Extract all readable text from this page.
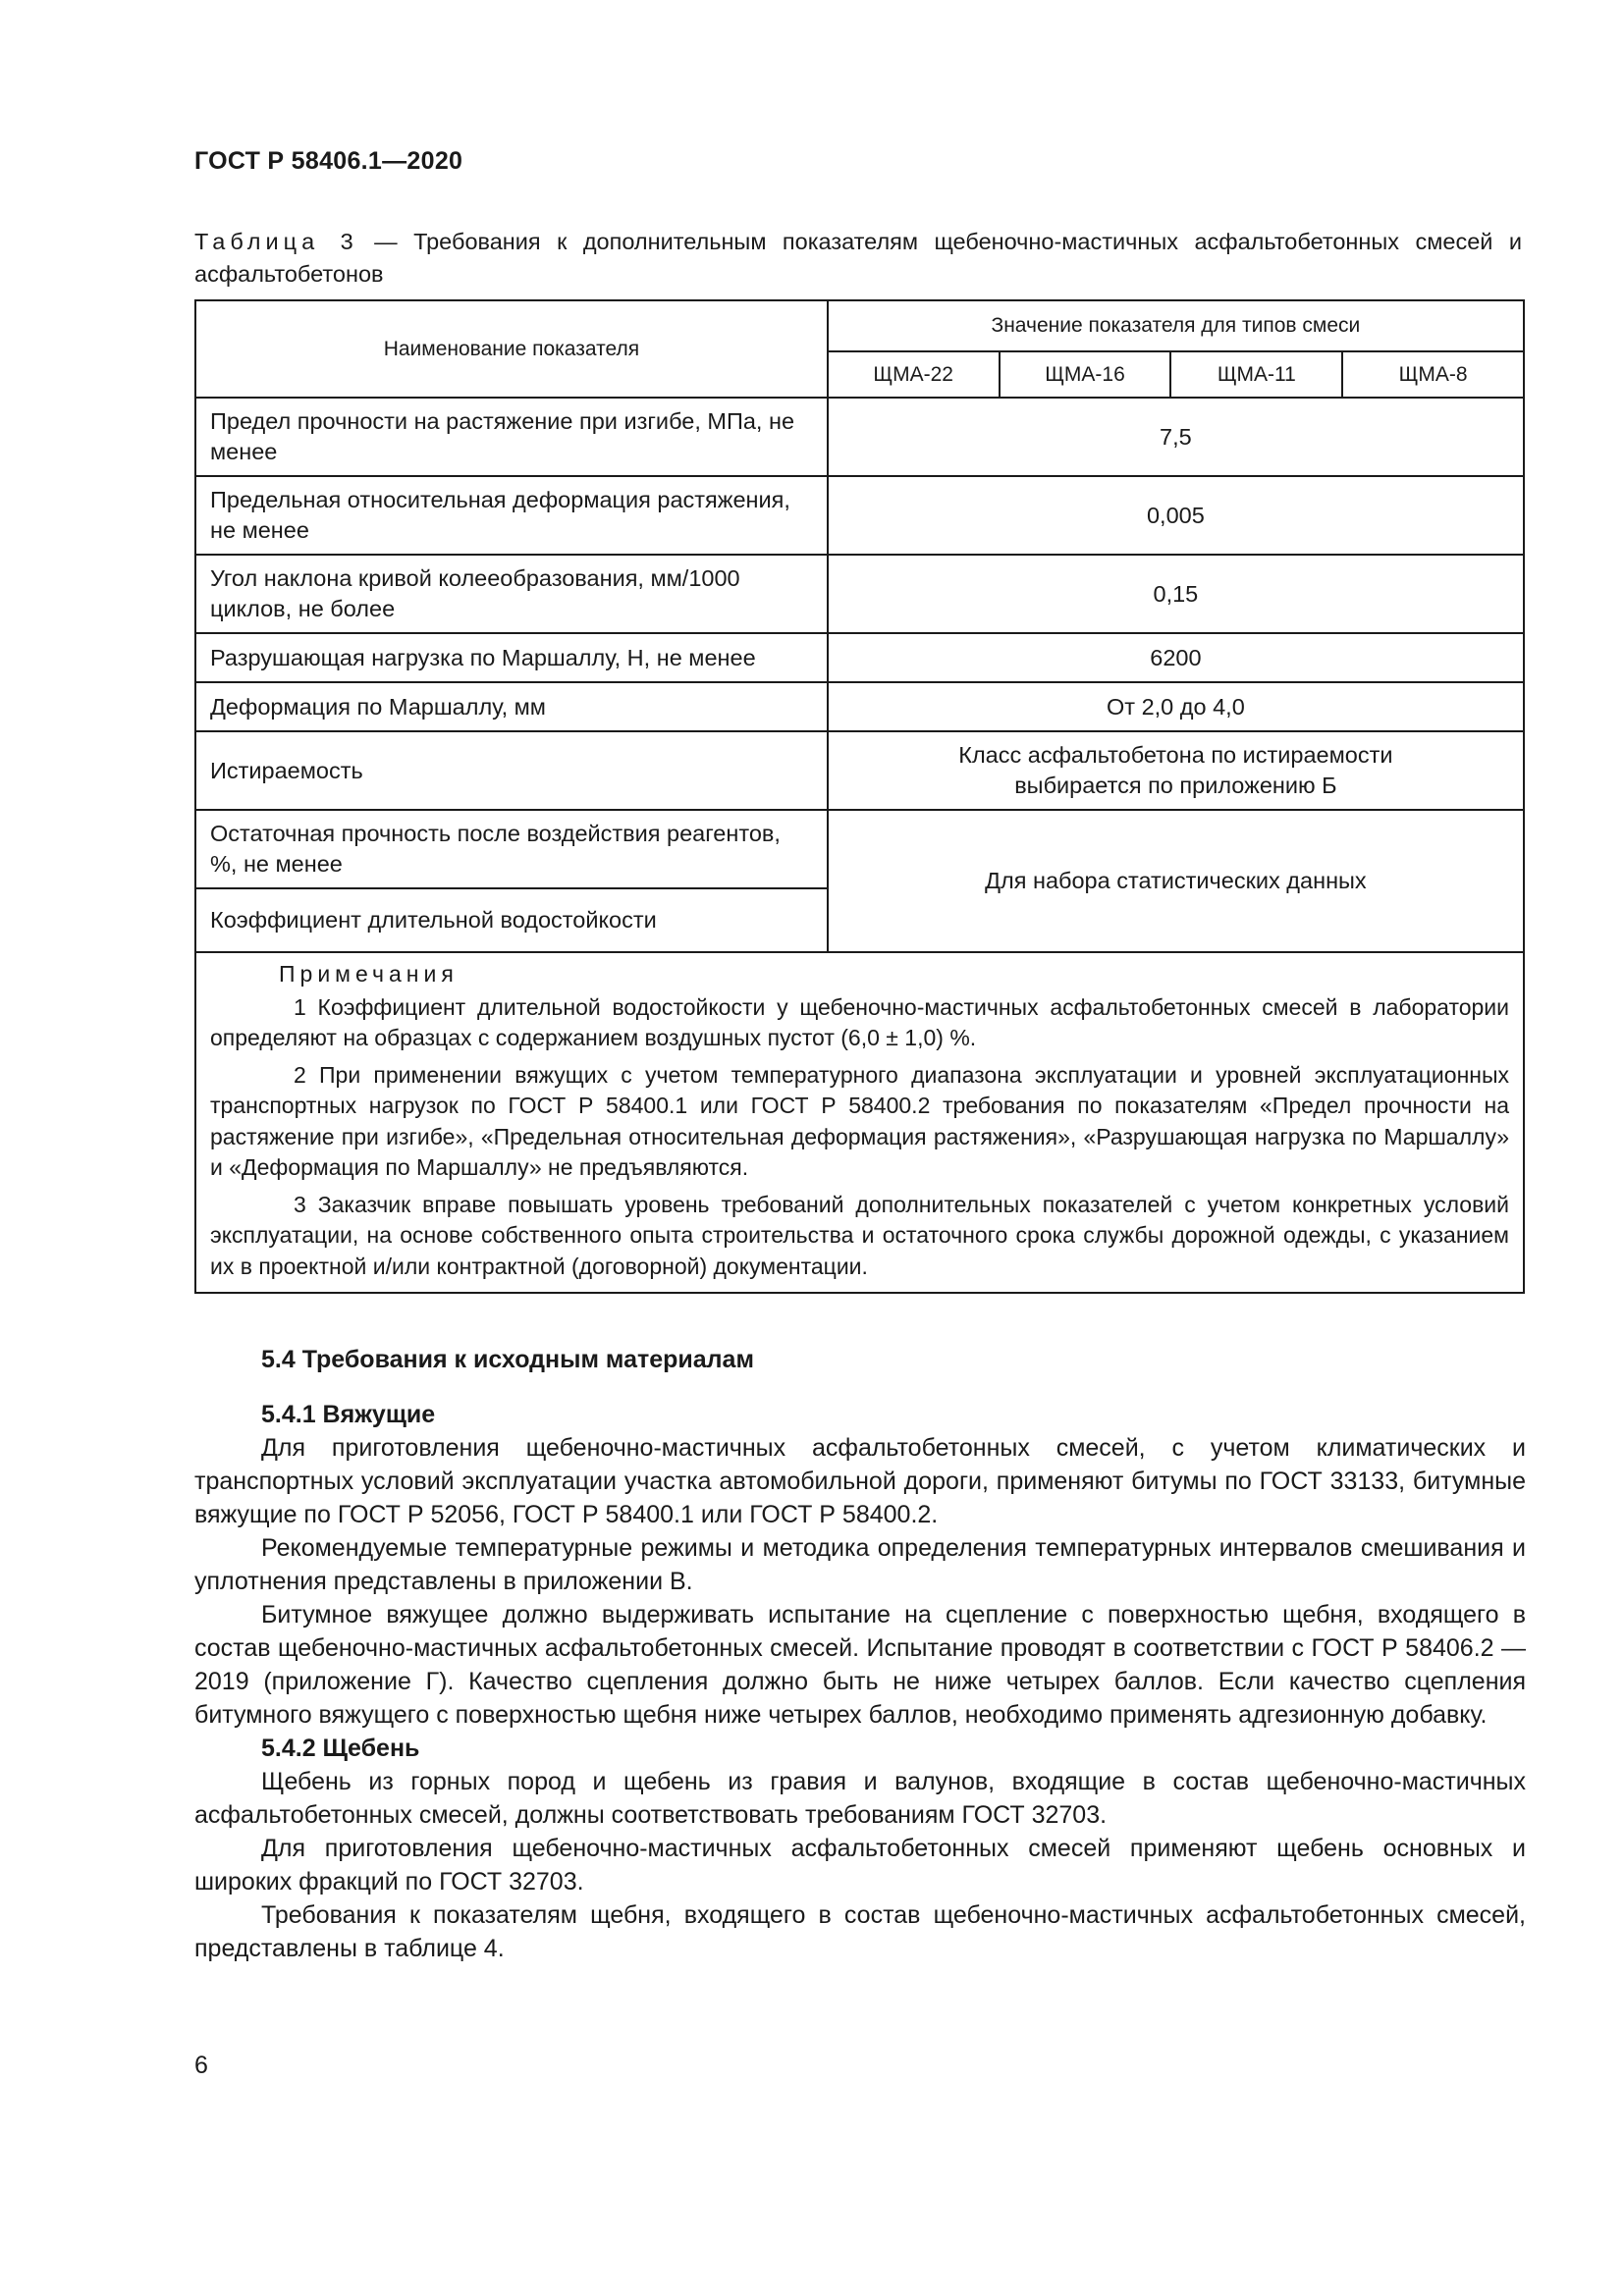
ГОСТ Р 58406.1—2020
Таблица 3 — Требования к дополнительным показателям щебеночно-мастичных асфальтобетонных смесей и асфальтобетонов
Наименование показателя	Значение показателя для типов смеси			
	ЩМА-22	ЩМА-16	ЩМА-11	ЩМА-8
Предел прочности на растяжение при изгибе, МПа, не менее	7,5			
Предельная относительная деформация растяжения, не менее	0,005			
Угол наклона кривой колееобразования, мм/1000 циклов, не более	0,15			
Разрушающая нагрузка по Маршаллу, Н, не менее	6200			
Деформация по Маршаллу, мм	От 2,0 до 4,0			
Истираемость	Класс асфальтобетона по истираемости выбирается по приложению Б			
Остаточная прочность после воздействия реагентов, %, не менее	Для набора статистических данных			
Коэффициент длительной водостойкости				

Примечания

1 Коэффициент длительной водостойкости у щебеночно-мастичных асфальтобетонных смесей в лаборатории определяют на образцах с содержанием воздушных пустот (6,0 ± 1,0) %.

2 При применении вяжущих с учетом температурного диапазона эксплуатации и уровней эксплуатационных транспортных нагрузок по ГОСТ Р 58400.1 или ГОСТ Р 58400.2 требования по показателям «Предел прочности на растяжение при изгибе», «Предельная относительная деформация растяжения», «Разрушающая нагрузка по Маршаллу» и «Деформация по Маршаллу» не предъявляются.

3 Заказчик вправе повышать уровень требований дополнительных показателей с учетом конкретных условий эксплуатации, на основе собственного опыта строительства и остаточного срока службы дорожной одежды, с указанием их в проектной и/или контрактной (договорной) документации.				

5.4 Требования к исходным материалам
5.4.1 Вяжущие

Для приготовления щебеночно-мастичных асфальтобетонных смесей, с учетом климатических и транспортных условий эксплуатации участка автомобильной дороги, применяют битумы по ГОСТ 33133, битумные вяжущие по ГОСТ Р 52056, ГОСТ Р 58400.1 или ГОСТ Р 58400.2.

Рекомендуемые температурные режимы и методика определения температурных интервалов смешивания и уплотнения представлены в приложении В.

Битумное вяжущее должно выдерживать испытание на сцепление с поверхностью щебня, входящего в состав щебеночно-мастичных асфальтобетонных смесей. Испытание проводят в соответствии с ГОСТ Р 58406.2 — 2019 (приложение Г). Качество сцепления должно быть не ниже четырех баллов. Если качество сцепления битумного вяжущего с поверхностью щебня ниже четырех баллов, необходимо применять адгезионную добавку.

5.4.2 Щебень

Щебень из горных пород и щебень из гравия и валунов, входящие в состав щебеночно-мастичных асфальтобетонных смесей, должны соответствовать требованиям ГОСТ 32703.

Для приготовления щебеночно-мастичных асфальтобетонных смесей применяют щебень основных и широких фракций по ГОСТ 32703.

Требования к показателям щебня, входящего в состав щебеночно-мастичных асфальтобетонных смесей, представлены в таблице 4.

6
